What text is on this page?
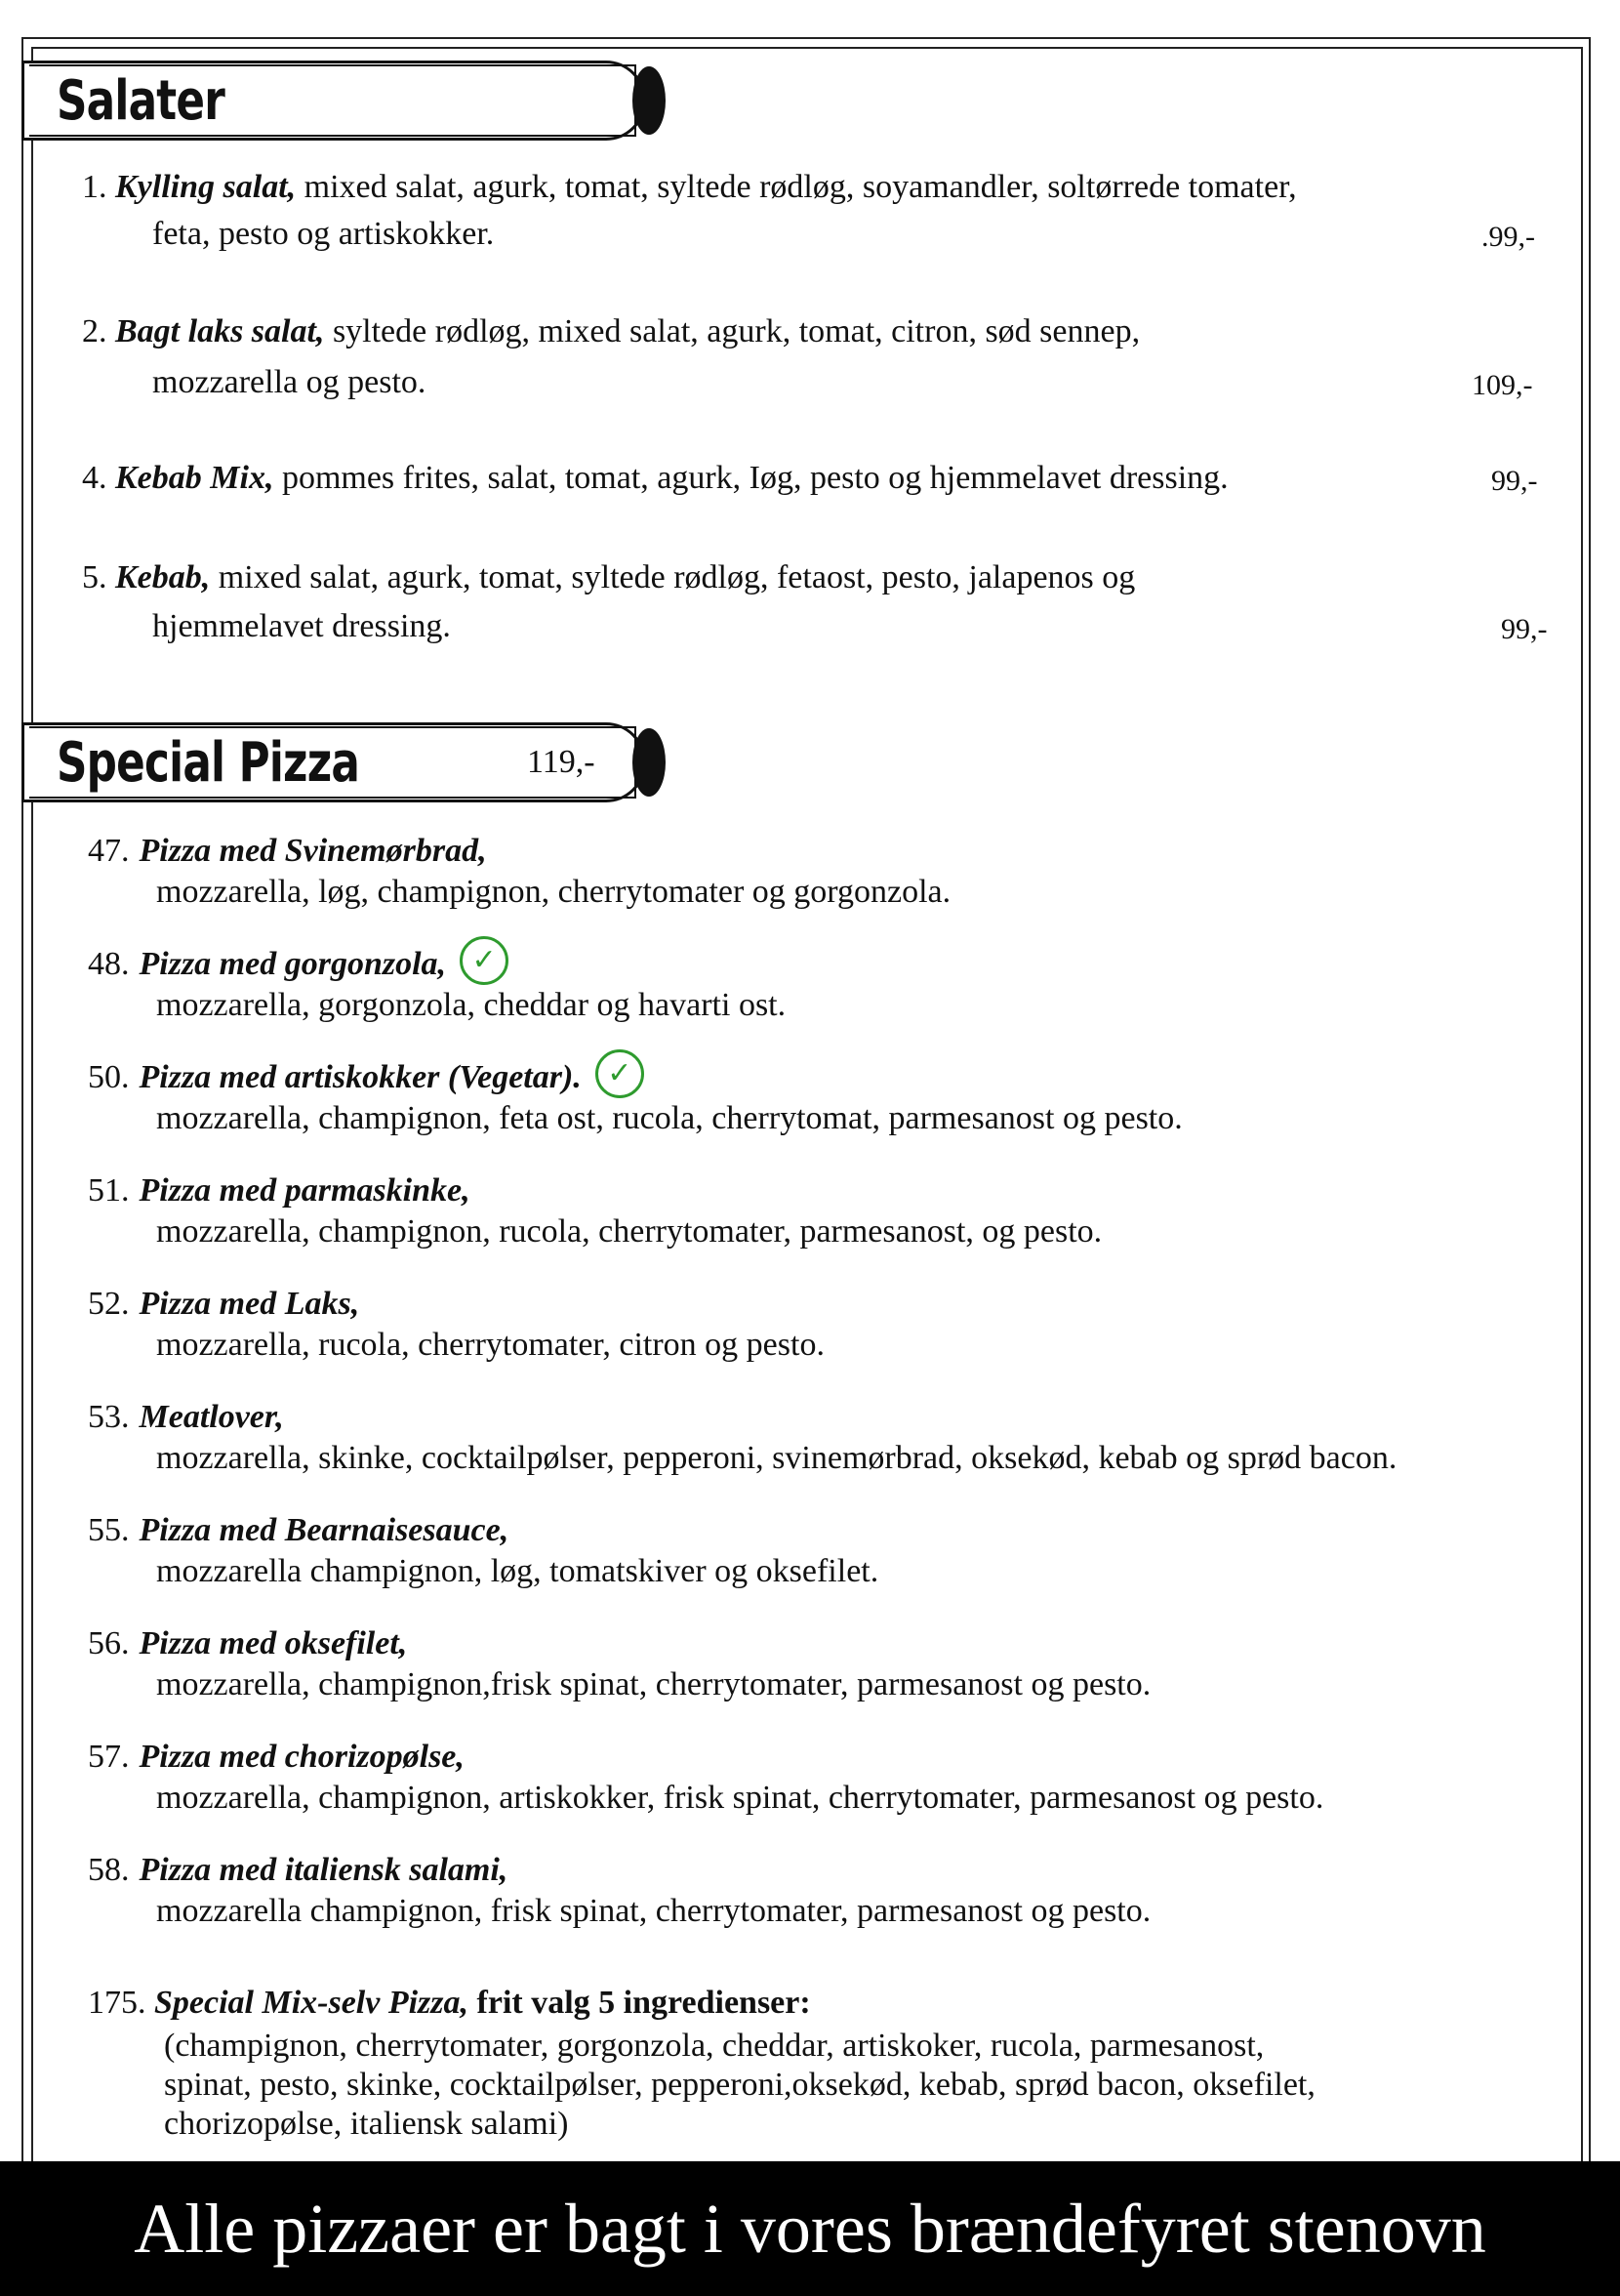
Salater
1. Kylling salat, mixed salat, agurk, tomat, syltede rødløg, soyamandler, soltørrede tomater,
feta, pesto og artiskokker.	.99,-
2. Bagt laks salat, syltede rødløg, mixed salat, agurk, tomat, citron, sød sennep,
mozzarella og pesto.	109,-
4. Kebab Mix, pommes frites, salat, tomat, agurk, Iøg, pesto og hjemmelavet dressing.	99,-
5. Kebab, mixed salat, agurk, tomat, syltede rødløg, fetaost, pesto, jalapenos og
hjemmelavet dressing.	99,-
Special Pizza	119,-
47. Pizza med Svinemørbrad,
mozzarella, løg, champignon, cherrytomater og gorgonzola.
48. Pizza med gorgonzola, ✓
mozzarella, gorgonzola, cheddar og havarti ost.
50. Pizza med artiskokker (Vegetar). ✓
mozzarella, champignon, feta ost, rucola, cherrytomat, parmesanost og pesto.
51. Pizza med parmaskinke,
mozzarella, champignon, rucola, cherrytomater, parmesanost, og pesto.
52. Pizza med Laks,
mozzarella, rucola, cherrytomater, citron og pesto.
53. Meatlover,
mozzarella, skinke, cocktailpølser, pepperoni, svinemørbrad, oksekød, kebab og sprød bacon.
55. Pizza med Bearnaisesauce,
mozzarella champignon, løg, tomatskiver og oksefilet.
56. Pizza med oksefilet,
mozzarella, champignon,frisk spinat, cherrytomater, parmesanost og pesto.
57. Pizza med chorizopølse,
mozzarella, champignon, artiskokker, frisk spinat, cherrytomater, parmesanost og pesto.
58. Pizza med italiensk salami,
mozzarella champignon, frisk spinat, cherrytomater, parmesanost og pesto.
175. Special Mix-selv Pizza, frit valg 5 ingredienser:
(champignon, cherrytomater, gorgonzola, cheddar, artiskoker, rucola, parmesanost,
spinat, pesto, skinke, cocktailpølser, pepperoni,oksekød, kebab, sprød bacon, oksefilet,
chorizopølse, italiensk salami)
Alle pizzaer er bagt i vores brændefyret stenovn
